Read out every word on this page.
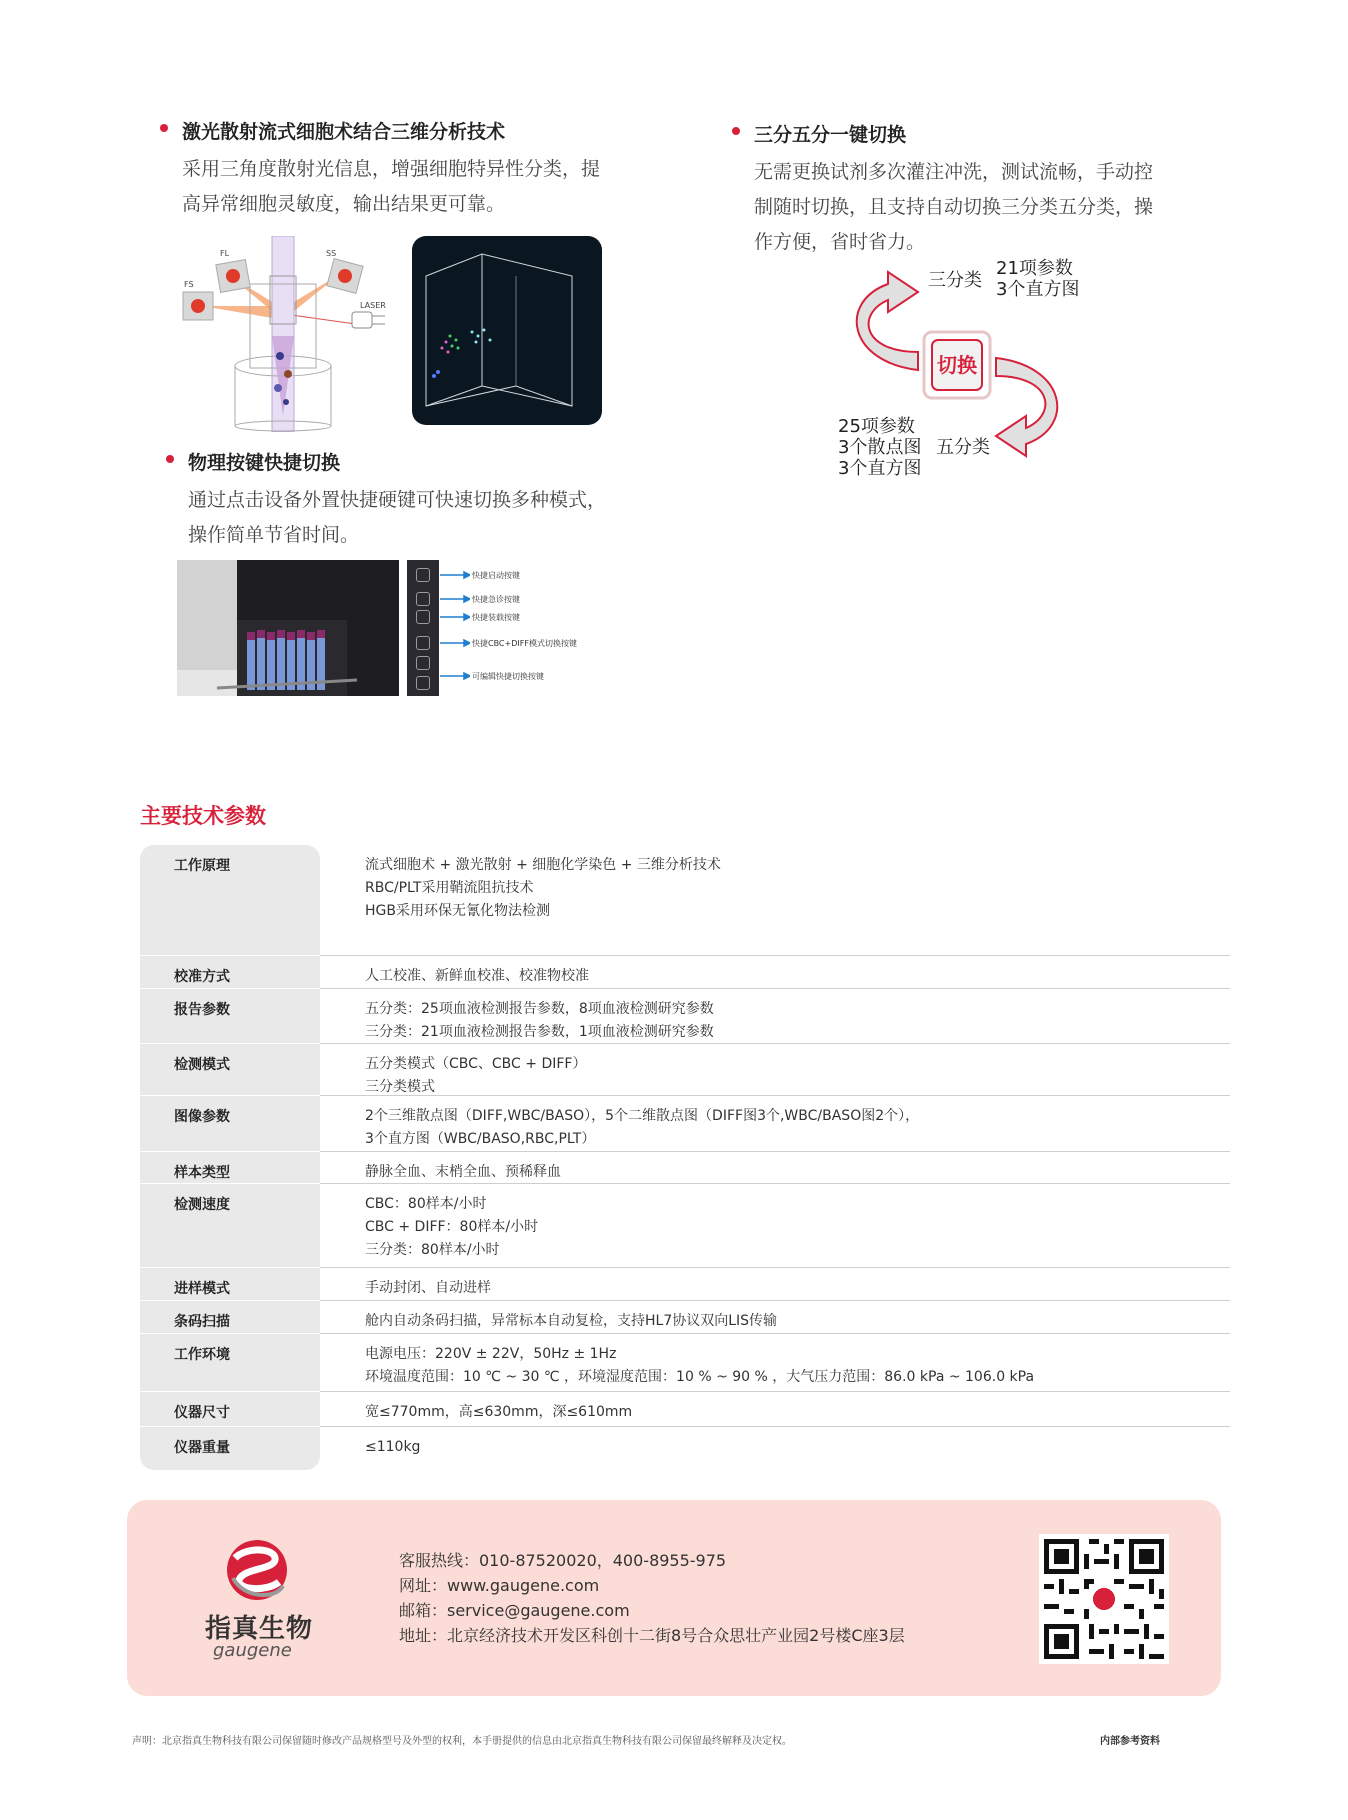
激光散射流式细胞术结合三维分析技术
采用三角度散射光信息，增强细胞特异性分类，提
高异常细胞灵敏度，输出结果更可靠。
FL	SS
FS
LASER
三分五分一键切换
无需更换试剂多次灌注冲洗，测试流畅，手动控
制随时切换，且支持自动切换三分类五分类，操
作方便，省时省力。
切换
三分类
21项参数
3个直方图
25项参数
3个散点图
3个直方图
五分类
物理按键快捷切换
通过点击设备外置快捷硬键可快速切换多种模式，
操作简单节省时间。
快捷启动按键
快捷急诊按键
快捷装载按键
快捷CBC+DIFF模式切换按键
可编辑快捷切换按键
主要技术参数
工作原理	流式细胞术 + 激光散射 + 细胞化学染色 + 三维分析技术
RBC/PLT采用鞘流阻抗技术
HGB采用环保无氰化物法检测
校准方式	人工校准、新鲜血校准、校准物校准
报告参数	五分类：25项血液检测报告参数，8项血液检测研究参数
三分类：21项血液检测报告参数，1项血液检测研究参数
检测模式	五分类模式（CBC、CBC + DIFF）
三分类模式
图像参数	2个三维散点图（DIFF,WBC/BASO），5个二维散点图（DIFF图3个,WBC/BASO图2个），
3个直方图（WBC/BASO,RBC,PLT）
样本类型	静脉全血、末梢全血、预稀释血
检测速度	CBC：80样本/小时
CBC + DIFF：80样本/小时
三分类：80样本/小时
进样模式	手动封闭、自动进样
条码扫描	舱内自动条码扫描，异常标本自动复检，支持HL7协议双向LIS传输
工作环境	电源电压：220V ± 22V，50Hz ± 1Hz
环境温度范围：10 ℃ ~ 30 ℃ ，环境湿度范围：10 % ~ 90 % ，大气压力范围：86.0 kPa ~ 106.0 kPa
仪器尺寸	宽≤770mm，高≤630mm，深≤610mm
仪器重量	≤110kg
指真生物
gaugene
客服热线：010-87520020，400-8955-975
网址：www.gaugene.com
邮箱：service@gaugene.com
地址：北京经济技术开发区科创十二街8号合众思壮产业园2号楼C座3层
声明：北京指真生物科技有限公司保留随时修改产品规格型号及外型的权利，本手册提供的信息由北京指真生物科技有限公司保留最终解释及决定权。	内部参考资料
